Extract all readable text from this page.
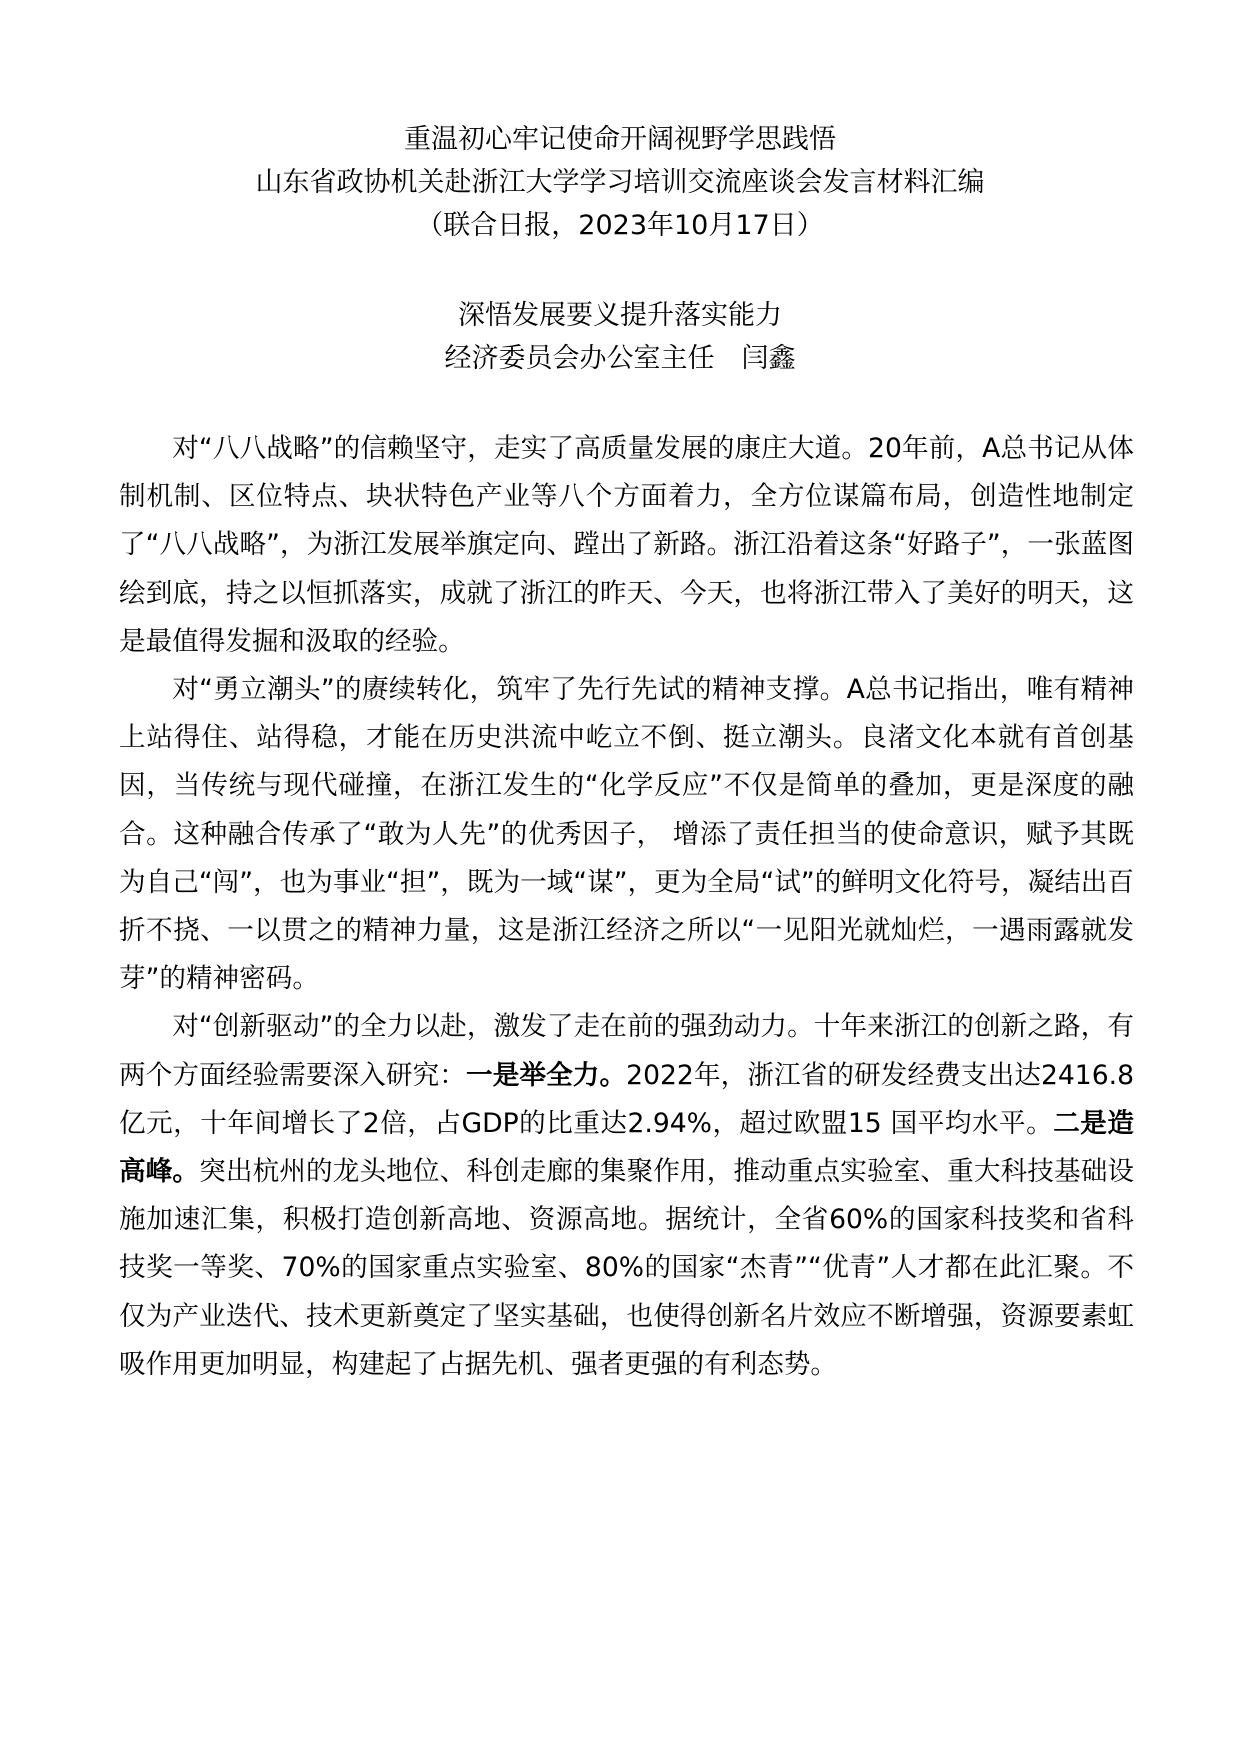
重温初心牢记使命开阔视野学思践悟
山东省政协机关赴浙江大学学习培训交流座谈会发言材料汇编
（联合日报，2023年10月17日）
深悟发展要义提升落实能力
经济委员会办公室主任　 闫鑫

对“八八战略”的信赖坚守，走实了高质量发展的康庄大道。20年前，A总书记从体制机制、区位特点、块状特色产业等八个方面着力，全方位谋篇布局，创造性地制定了“八八战略”，为浙江发展举旗定向、蹚出了新路。浙江沿着这条“好路子”，一张蓝图绘到底，持之以恒抓落实，成就了浙江的昨天、今天，也将浙江带入了美好的明天，这是最值得发掘和汲取的经验。

对“勇立潮头”的赓续转化，筑牢了先行先试的精神支撑。A总书记指出，唯有精神上站得住、站得稳，才能在历史洪流中屹立不倒、挺立潮头。良渚文化本就有首创基因，当传统与现代碰撞，在浙江发生的“化学反应”不仅是简单的叠加，更是深度的融合。这种融合传承了“敢为人先”的优秀因子， 增添了责任担当的使命意识，赋予其既为自己“闯”，也为事业“担”，既为一域“谋”，更为全局“试”的鲜明文化符号，凝结出百折不挠、一以贯之的精神力量，这是浙江经济之所以“一见阳光就灿烂，一遇雨露就发芽”的精神密码。

对“创新驱动”的全力以赴，激发了走在前的强劲动力。十年来浙江的创新之路，有两个方面经验需要深入研究：一是举全力。2022年，浙江省的研发经费支出达2416.8亿元，十年间增长了2倍，占GDP的比重达2.94%，超过欧盟15 国平均水平。二是造高峰。突出杭州的龙头地位、科创走廊的集聚作用，推动重点实验室、重大科技基础设施加速汇集，积极打造创新高地、资源高地。据统计，全省60%的国家科技奖和省科技奖一等奖、70%的国家重点实验室、80%的国家“杰青”“优青”人才都在此汇聚。不仅为产业迭代、技术更新奠定了坚实基础，也使得创新名片效应不断增强，资源要素虹吸作用更加明显，构建起了占据先机、强者更强的有利态势。
